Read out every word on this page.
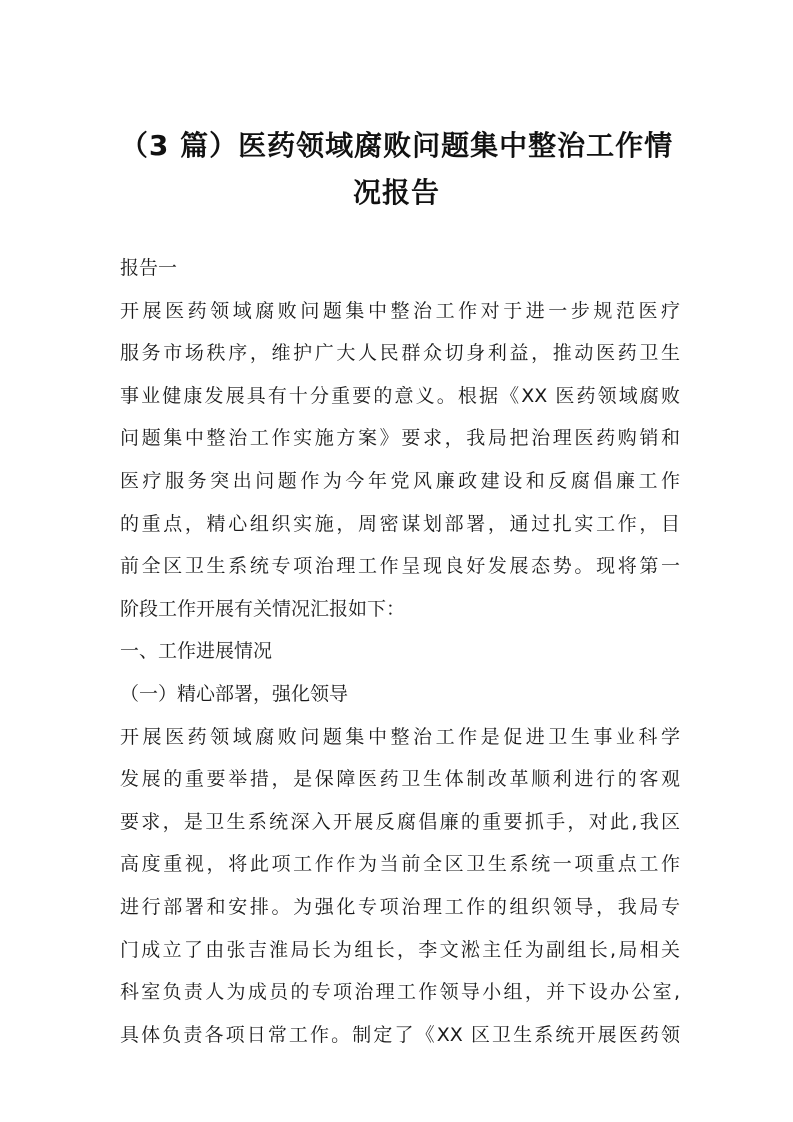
（3 篇）医药领域腐败问题集中整治工作情
况报告
报告一
开展医药领域腐败问题集中整治工作对于进一步规范医疗
服务市场秩序，维护广大人民群众切身利益，推动医药卫生
事业健康发展具有十分重要的意义。根据《XX 医药领域腐败
问题集中整治工作实施方案》要求，我局把治理医药购销和
医疗服务突出问题作为今年党风廉政建设和反腐倡廉工作
的重点，精心组织实施，周密谋划部署，通过扎实工作，目
前全区卫生系统专项治理工作呈现良好发展态势。现将第一
阶段工作开展有关情况汇报如下：
一、工作进展情况
（一）精心部署，强化领导
开展医药领域腐败问题集中整治工作是促进卫生事业科学
发展的重要举措，是保障医药卫生体制改革顺利进行的客观
要求，是卫生系统深入开展反腐倡廉的重要抓手，对此,我区
高度重视，将此项工作作为当前全区卫生系统一项重点工作
进行部署和安排。为强化专项治理工作的组织领导，我局专
门成立了由张吉淮局长为组长，李文淞主任为副组长,局相关
科室负责人为成员的专项治理工作领导小组，并下设办公室,
具体负责各项日常工作。制定了《XX 区卫生系统开展医药领
